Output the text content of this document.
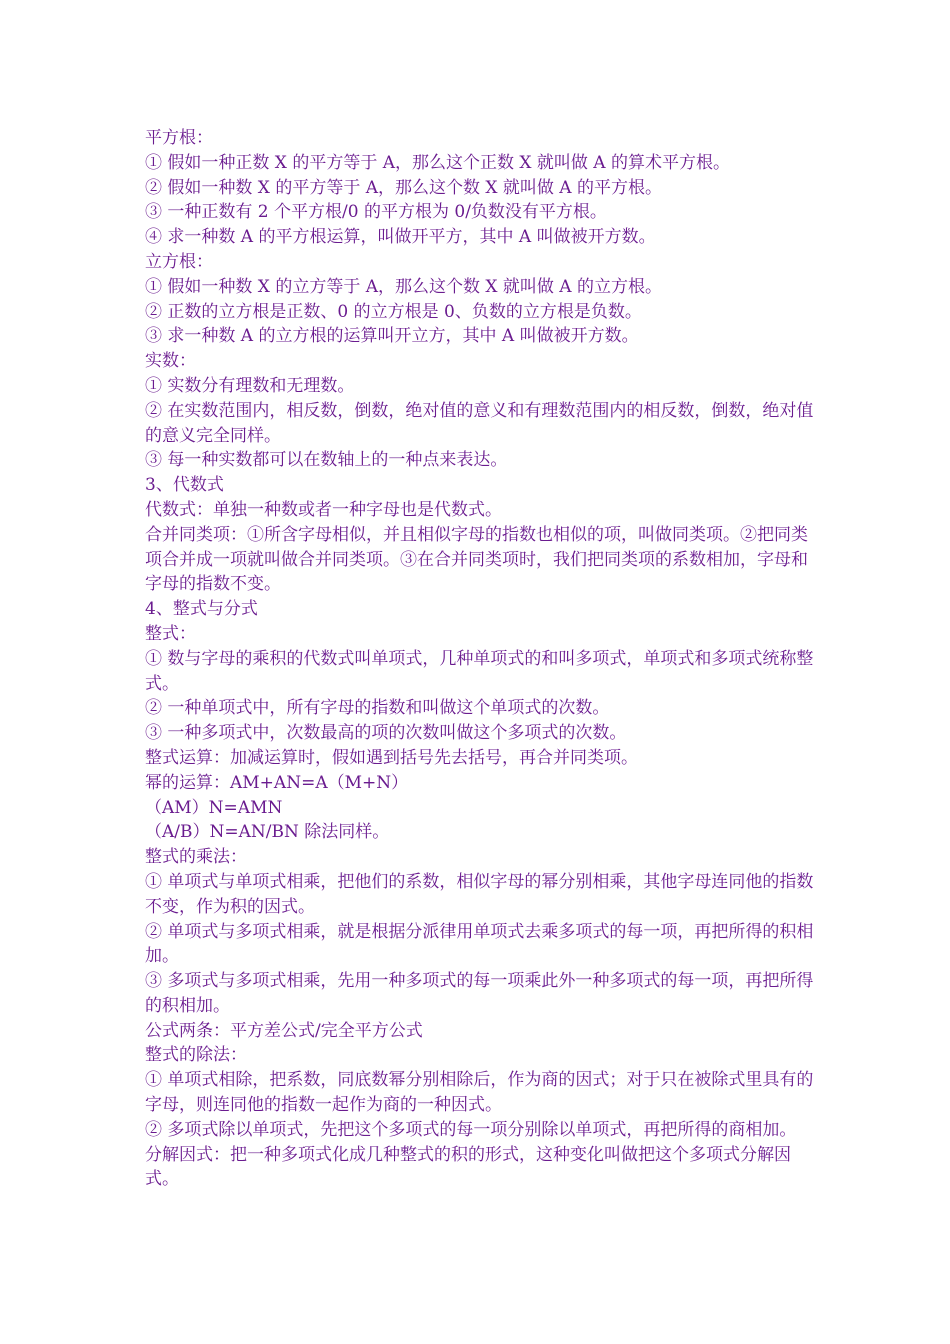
平方根：
① 假如一种正数 X 的平方等于 A，那么这个正数 X 就叫做 A 的算术平方根。
② 假如一种数 X 的平方等于 A，那么这个数 X 就叫做 A 的平方根。
③ 一种正数有 2 个平方根/0 的平方根为 0/负数没有平方根。
④ 求一种数 A 的平方根运算，叫做开平方，其中 A 叫做被开方数。
立方根：
① 假如一种数 X 的立方等于 A，那么这个数 X 就叫做 A 的立方根。
② 正数的立方根是正数、0 的立方根是 0、负数的立方根是负数。
③ 求一种数 A 的立方根的运算叫开立方，其中 A 叫做被开方数。
实数：
① 实数分有理数和无理数。
② 在实数范围内，相反数，倒数，绝对值的意义和有理数范围内的相反数，倒数，绝对值的意义完全同样。
③ 每一种实数都可以在数轴上的一种点来表达。
3、代数式
代数式：单独一种数或者一种字母也是代数式。
合并同类项：①所含字母相似，并且相似字母的指数也相似的项，叫做同类项。②把同类项合并成一项就叫做合并同类项。③在合并同类项时，我们把同类项的系数相加，字母和字母的指数不变。
4、整式与分式
整式：
① 数与字母的乘积的代数式叫单项式，几种单项式的和叫多项式，单项式和多项式统称整式。
② 一种单项式中，所有字母的指数和叫做这个单项式的次数。
③ 一种多项式中，次数最高的项的次数叫做这个多项式的次数。
整式运算：加减运算时，假如遇到括号先去括号，再合并同类项。
幂的运算：AM+AN=A（M+N）
（AM）N=AMN
（A/B）N=AN/BN 除法同样。
整式的乘法：
① 单项式与单项式相乘，把他们的系数，相似字母的幂分别相乘，其他字母连同他的指数不变，作为积的因式。
② 单项式与多项式相乘，就是根据分派律用单项式去乘多项式的每一项，再把所得的积相加。
③ 多项式与多项式相乘，先用一种多项式的每一项乘此外一种多项式的每一项，再把所得的积相加。
公式两条：平方差公式/完全平方公式
整式的除法：
① 单项式相除，把系数，同底数幂分别相除后，作为商的因式；对于只在被除式里具有的字母，则连同他的指数一起作为商的一种因式。
② 多项式除以单项式，先把这个多项式的每一项分别除以单项式，再把所得的商相加。
分解因式：把一种多项式化成几种整式的积的形式，这种变化叫做把这个多项式分解因式。
